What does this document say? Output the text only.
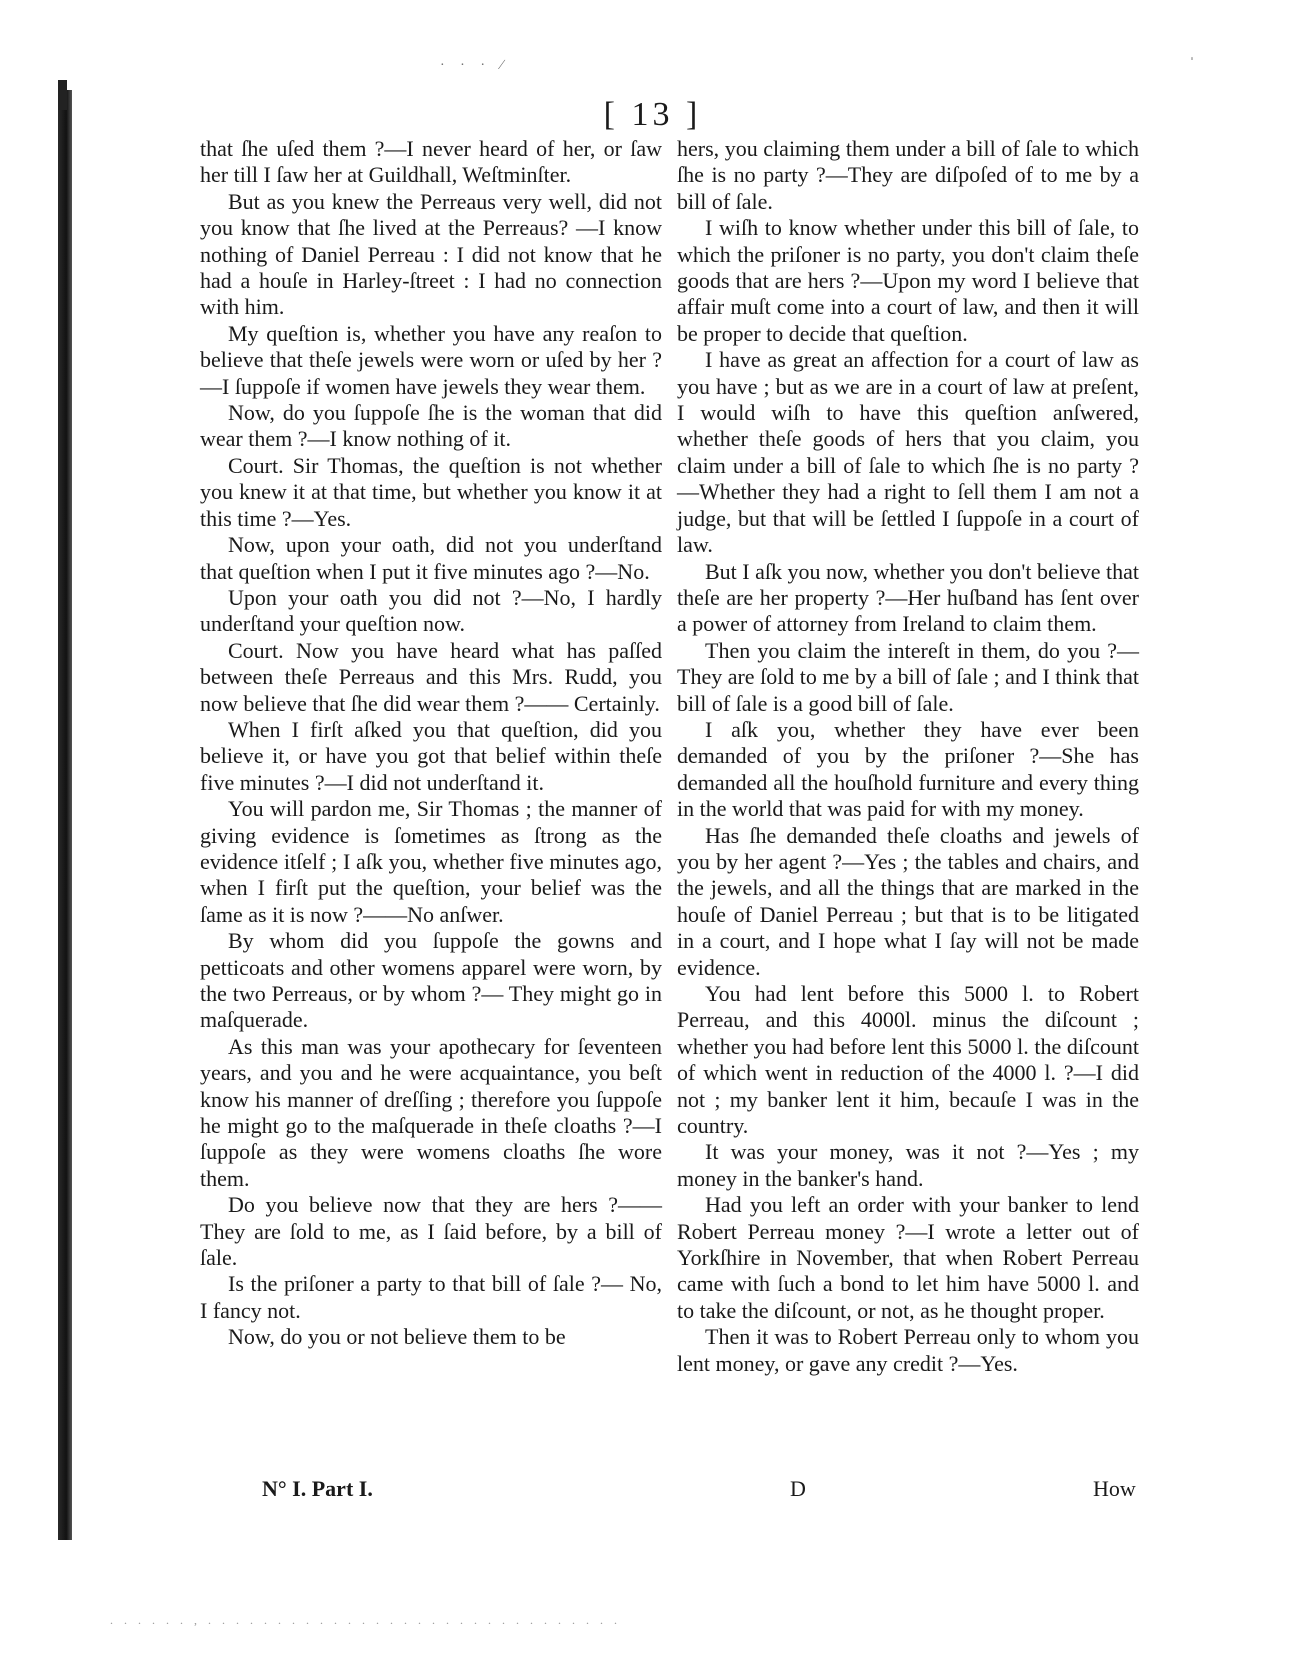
· · · ∕
ˌ
[ 13 ]

that ſhe uſed them ?—I never heard of her, or ſaw her till I ſaw her at Guildhall, Weſtminſter.

But as you knew the Perreaus very well, did not you know that ſhe lived at the Perreaus? —I know nothing of Daniel Perreau : I did not know that he had a houſe in Harley-ſtreet : I had no connection with him.

My queſtion is, whether you have any reaſon to believe that theſe jewels were worn or uſed by her ?—I ſuppoſe if women have jewels they wear them.

Now, do you ſuppoſe ſhe is the woman that did wear them ?—I know nothing of it.

Court. Sir Thomas, the queſtion is not whether you knew it at that time, but whether you know it at this time ?—Yes.

Now, upon your oath, did not you underſtand that queſtion when I put it five minutes ago ?—No.

Upon your oath you did not ?—No, I hardly underſtand your queſtion now.

Court. Now you have heard what has paſſed between theſe Perreaus and this Mrs. Rudd, you now believe that ſhe did wear them ?—— Certainly.

When I firſt aſked you that queſtion, did you believe it, or have you got that belief within theſe five minutes ?—I did not underſtand it.

You will pardon me, Sir Thomas ; the manner of giving evidence is ſometimes as ſtrong as the evidence itſelf ; I aſk you, whether five minutes ago, when I firſt put the queſtion, your belief was the ſame as it is now ?——No anſwer.

By whom did you ſuppoſe the gowns and petticoats and other womens apparel were worn, by the two Perreaus, or by whom ?— They might go in maſquerade.

As this man was your apothecary for ſeventeen years, and you and he were acquaintance, you beſt know his manner of dreſſing ; therefore you ſuppoſe he might go to the maſquerade in theſe cloaths ?—I ſuppoſe as they were womens cloaths ſhe wore them.

Do you believe now that they are hers ?—— They are ſold to me, as I ſaid before, by a bill of ſale.

Is the priſoner a party to that bill of ſale ?— No, I fancy not.

Now, do you or not believe them to be

hers, you claiming them under a bill of ſale to which ſhe is no party ?—They are diſpoſed of to me by a bill of ſale.

I wiſh to know whether under this bill of ſale, to which the priſoner is no party, you don't claim theſe goods that are hers ?—Upon my word I believe that affair muſt come into a court of law, and then it will be proper to decide that queſtion.

I have as great an affection for a court of law as you have ; but as we are in a court of law at preſent, I would wiſh to have this queſtion anſwered, whether theſe goods of hers that you claim, you claim under a bill of ſale to which ſhe is no party ?—Whether they had a right to ſell them I am not a judge, but that will be ſettled I ſuppoſe in a court of law.

But I aſk you now, whether you don't believe that theſe are her property ?—Her huſband has ſent over a power of attorney from Ireland to claim them.

Then you claim the intereſt in them, do you ?—They are ſold to me by a bill of ſale ; and I think that bill of ſale is a good bill of ſale.

I aſk you, whether they have ever been demanded of you by the priſoner ?—She has demanded all the houſhold furniture and every thing in the world that was paid for with my money.

Has ſhe demanded theſe cloaths and jewels of you by her agent ?—Yes ; the tables and chairs, and the jewels, and all the things that are marked in the houſe of Daniel Perreau ; but that is to be litigated in a court, and I hope what I ſay will not be made evidence.

You had lent before this 5000 l. to Robert Perreau, and this 4000l. minus the diſcount ; whether you had before lent this 5000 l. the diſcount of which went in reduction of the 4000 l. ?—I did not ; my banker lent it him, becauſe I was in the country.

It was your money, was it not ?—Yes ; my money in the banker's hand.

Had you left an order with your banker to lend Robert Perreau money ?—I wrote a letter out of Yorkſhire in November, that when Robert Perreau came with ſuch a bond to let him have 5000 l. and to take the diſcount, or not, as he thought proper.

Then it was to Robert Perreau only to whom you lent money, or gave any credit ?—Yes.

N° I. Part I.	D	How
. . . . . . , . . . . . . . . . . . . . . . . . . . . . . . . . . . . . .
